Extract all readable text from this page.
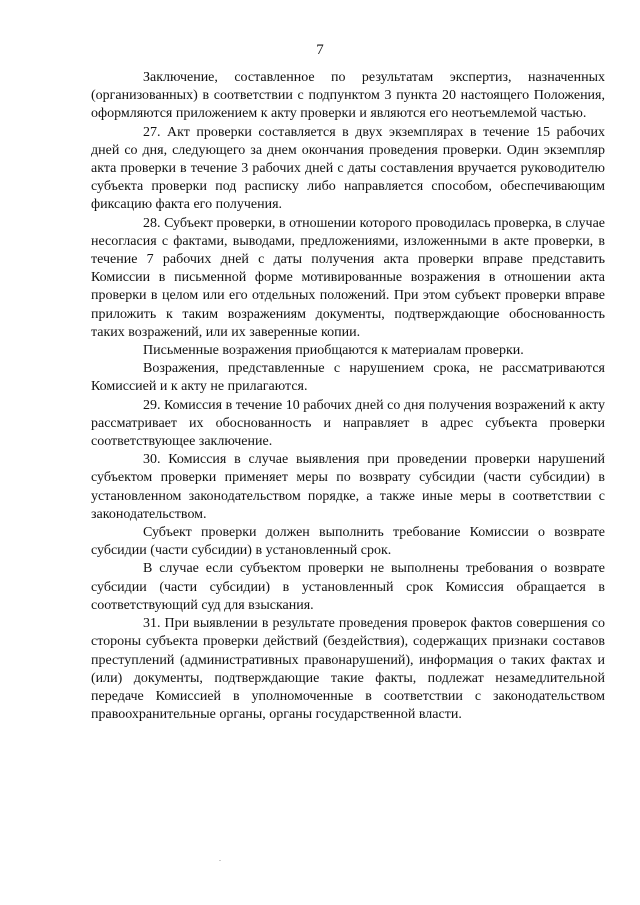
7

Заключение, составленное по результатам экспертиз, назначенных (организованных) в соответствии с подпунктом 3 пункта 20 настоящего Положения, оформляются приложением к акту проверки и являются его неотъемлемой частью.

27. Акт проверки составляется в двух экземплярах в течение 15 рабочих дней со дня, следующего за днем окончания проведения проверки. Один экземпляр акта проверки в течение 3 рабочих дней с даты составления вручается руководителю субъекта проверки под расписку либо направляется способом, обеспечивающим фиксацию факта его получения.

28. Субъект проверки, в отношении которого проводилась проверка, в случае несогласия с фактами, выводами, предложениями, изложенными в акте проверки, в течение 7 рабочих дней с даты получения акта проверки вправе представить Комиссии в письменной форме мотивированные возражения в отношении акта проверки в целом или его отдельных положений. При этом субъект проверки вправе приложить к таким возражениям документы, подтверждающие обоснованность таких возражений, или их заверенные копии.

Письменные возражения приобщаются к материалам проверки.

Возражения, представленные с нарушением срока, не рассматриваются Комиссией и к акту не прилагаются.

29. Комиссия в течение 10 рабочих дней со дня получения возражений к акту рассматривает их обоснованность и направляет в адрес субъекта проверки соответствующее заключение.

30. Комиссия в случае выявления при проведении проверки нарушений субъектом проверки применяет меры по возврату субсидии (части субсидии) в установленном законодательством порядке, а также иные меры в соответствии с законодательством.

Субъект проверки должен выполнить требование Комиссии о возврате субсидии (части субсидии) в установленный срок.

В случае если субъектом проверки не выполнены требования о возврате субсидии (части субсидии) в установленный срок Комиссия обращается в соответствующий суд для взыскания.

31. При выявлении в результате проведения проверок фактов совершения со стороны субъекта проверки действий (бездействия), содержащих признаки составов преступлений (административных правонарушений), информация о таких фактах и (или) документы, подтверждающие такие факты, подлежат незамедлительной передаче Комиссией в уполномоченные в соответствии с законодательством правоохранительные органы, органы государственной власти.
